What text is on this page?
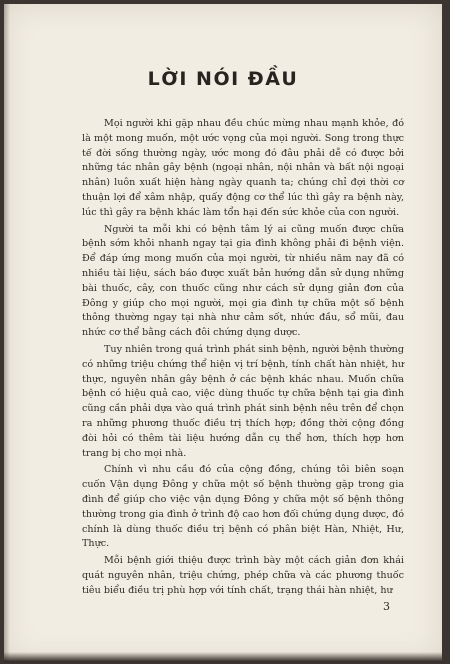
LỜI NÓI ĐẦU

Mọi người khi gặp nhau đều chúc mừng nhau mạnh khỏe, đó là một mong muốn, một ước vọng của mọi người. Song trong thực tế đời sống thường ngày, ước mong đó đâu phải dễ có được bởi những tác nhân gây bệnh (ngoại nhân, nội nhân và bất nội ngoại nhân) luôn xuất hiện hàng ngày quanh ta; chúng chỉ đợi thời cơ thuận lợi để xâm nhập, quấy động cơ thể lúc thì gây ra bệnh này, lúc thì gây ra bệnh khác làm tổn hại đến sức khỏe của con người.

Người ta mỗi khi có bệnh tâm lý ai cũng muốn được chữa bệnh sớm khỏi nhanh ngay tại gia đình không phải đi bệnh viện. Để đáp ứng mong muốn của mọi người, từ nhiều năm nay đã có nhiều tài liệu, sách báo được xuất bản hướng dẫn sử dụng những bài thuốc, cây, con thuốc cũng như cách sử dụng giản đơn của Đông y giúp cho mọi người, mọi gia đình tự chữa một số bệnh thông thường ngay tại nhà như cảm sốt, nhức đầu, sổ mũi, đau nhức cơ thể bằng cách đôi chứng dụng dược.

Tuy nhiên trong quá trình phát sinh bệnh, người bệnh thường có những triệu chứng thể hiện vị trí bệnh, tính chất hàn nhiệt, hư thực, nguyên nhân gây bệnh ở các bệnh khác nhau. Muốn chữa bệnh có hiệu quả cao, việc dùng thuốc tự chữa bệnh tại gia đình cũng cần phải dựa vào quá trình phát sinh bệnh nêu trên để chọn ra những phương thuốc điều trị thích hợp; đồng thời cộng đồng đòi hỏi có thêm tài liệu hướng dẫn cụ thể hơn, thích hợp hơn trang bị cho mọi nhà.

Chính vì nhu cầu đó của cộng đồng, chúng tôi biên soạn cuốn Vận dụng Đông y chữa một số bệnh thường gặp trong gia đình để giúp cho việc vận dụng Đông y chữa một số bệnh thông thường trong gia đình ở trình độ cao hơn đối chứng dụng dược, đó chính là dùng thuốc điều trị bệnh có phân biệt Hàn, Nhiệt, Hư, Thực.

Mỗi bệnh giới thiệu được trình bày một cách giản đơn khái quát nguyên nhân, triệu chứng, phép chữa và các phương thuốc tiêu biểu điều trị phù hợp với tính chất, trạng thái hàn nhiệt, hư

3
